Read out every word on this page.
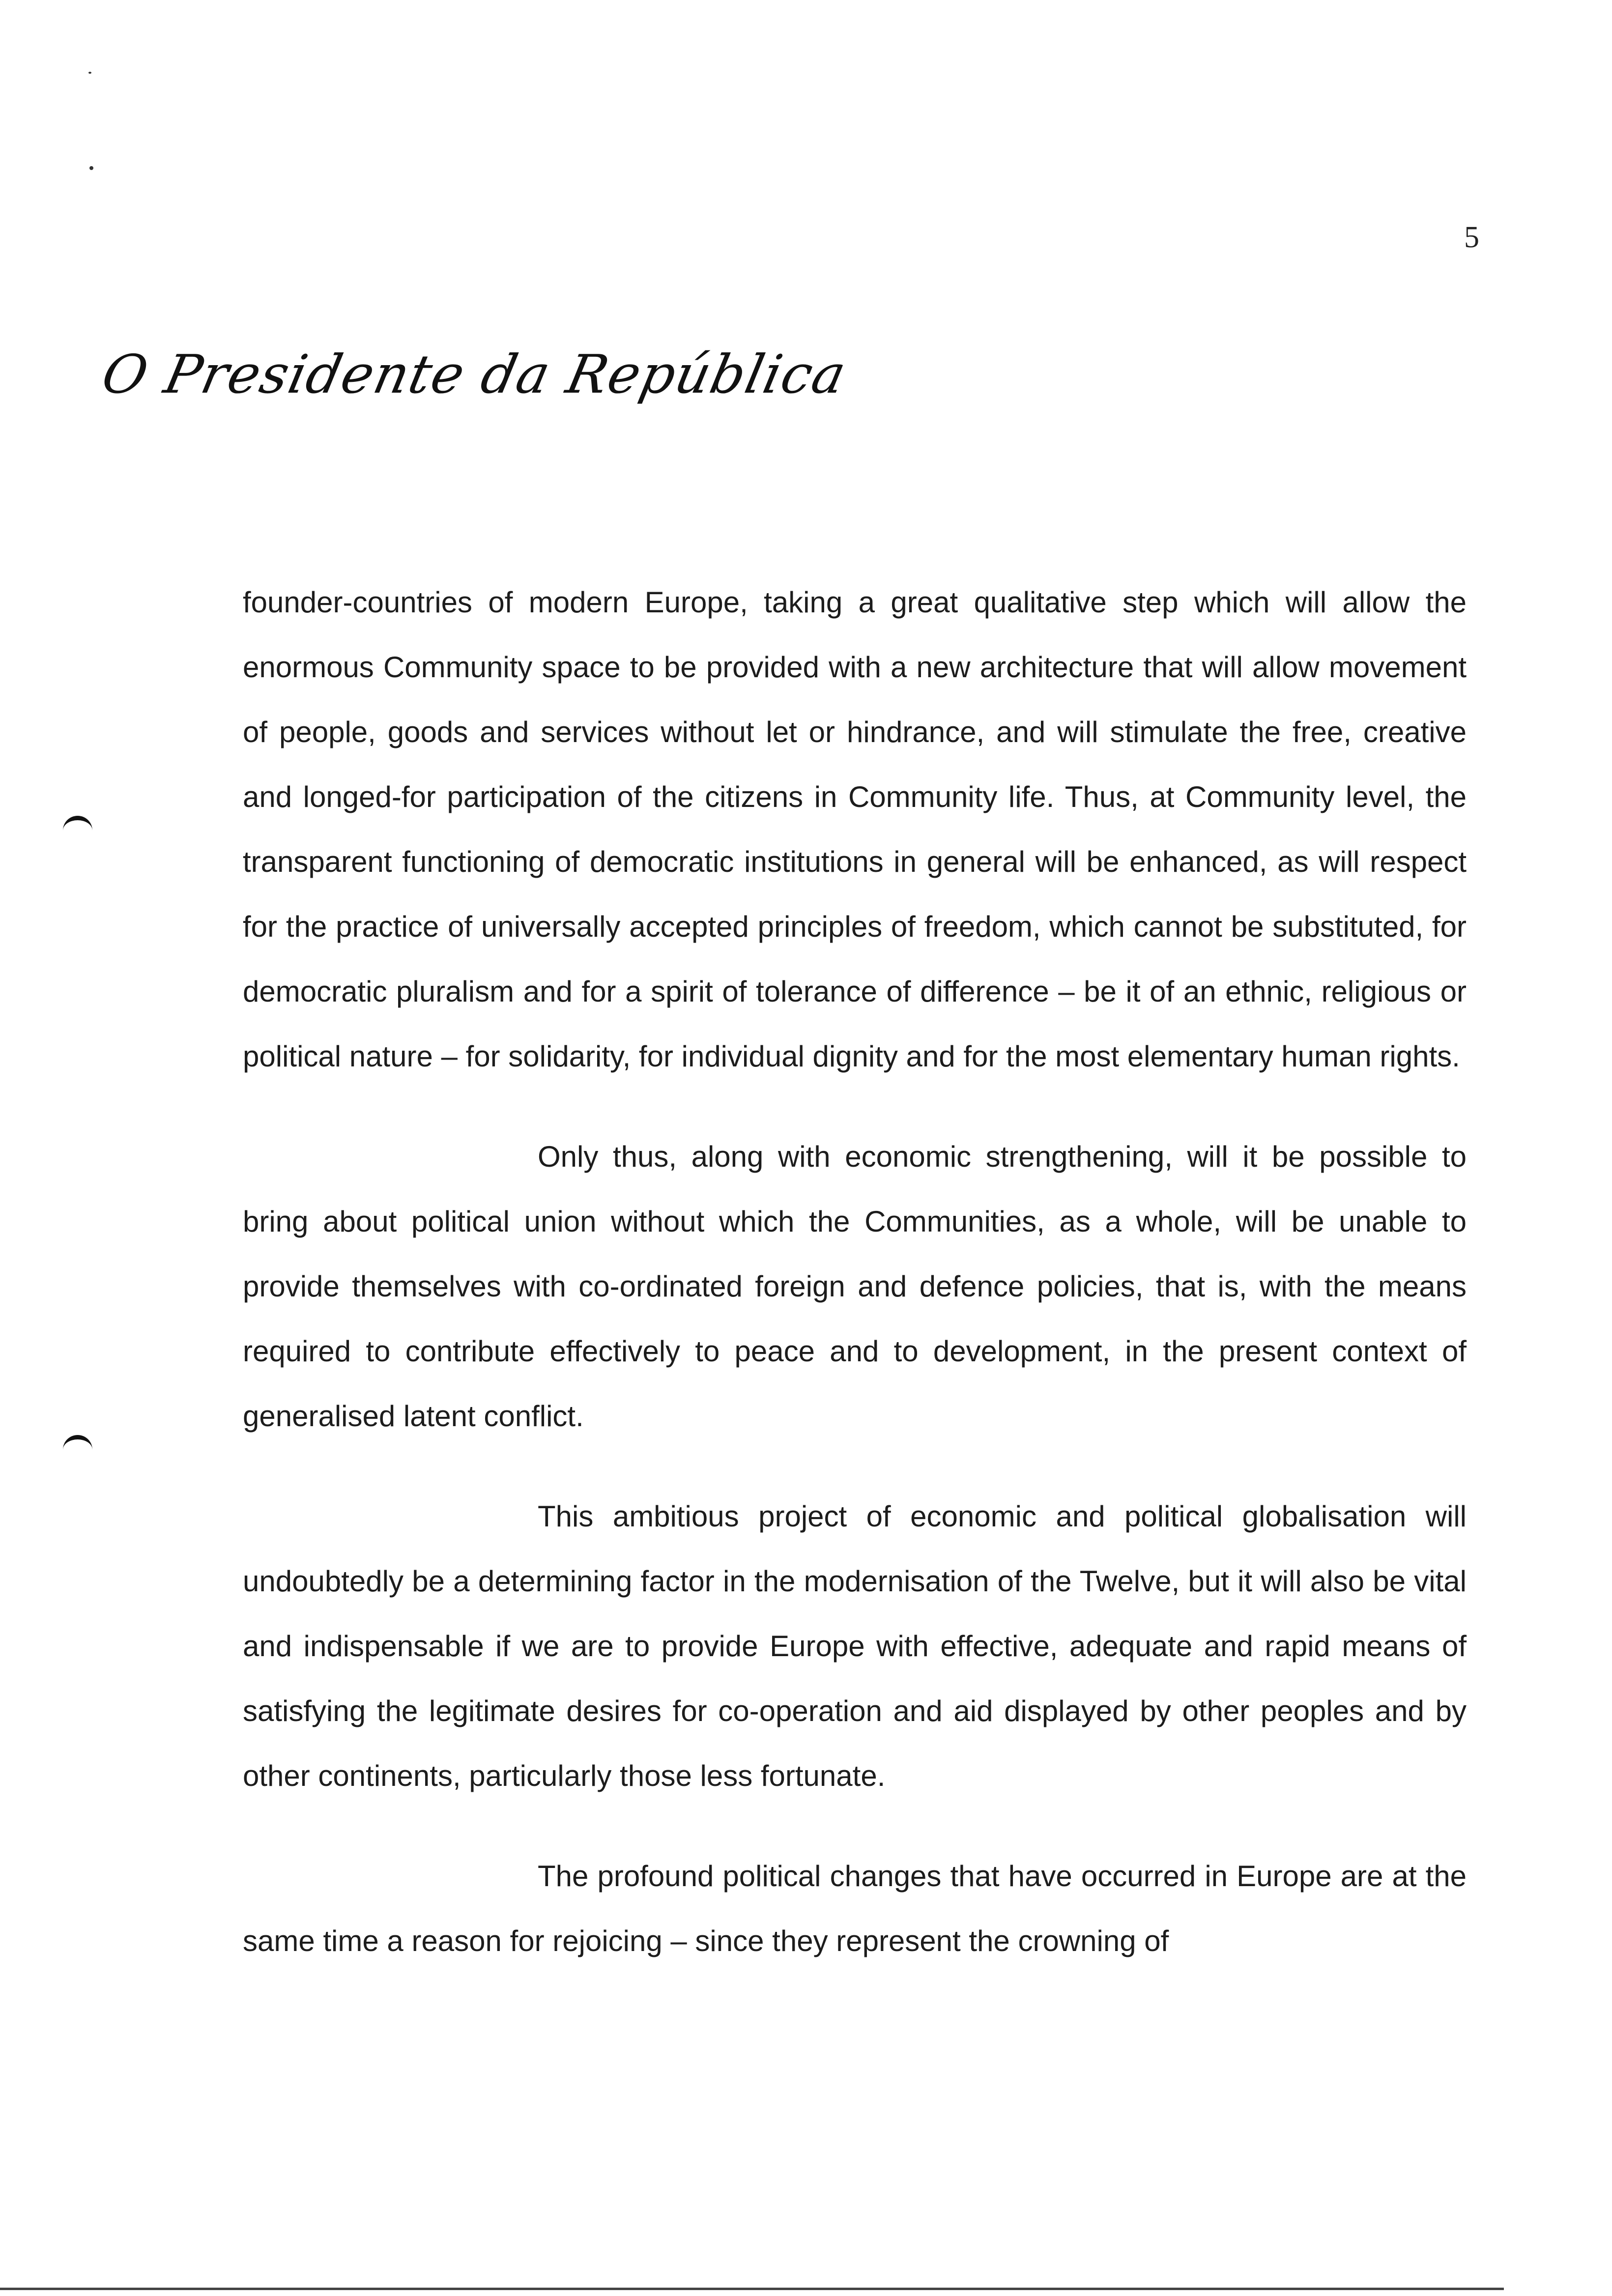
5
O Presidente da República

founder-countries of modern Europe, taking a great qualitative step which will allow the enormous Community space to be provided with a new architecture that will allow movement of people, goods and services without let or hindrance, and will stimulate the free, creative and longed-for participation of the citizens in Community life. Thus, at Community level, the transparent functioning of democratic institutions in general will be enhanced, as will respect for the practice of universally accepted principles of freedom, which cannot be substituted, for democratic pluralism and for a spirit of tolerance of difference – be it of an ethnic, religious or political nature – for solidarity, for individual dignity and for the most elementary human rights.

Only thus, along with economic strengthening, will it be possible to bring about political union without which the Communities, as a whole, will be unable to provide themselves with co-ordinated foreign and defence policies, that is, with the means required to contribute effectively to peace and to development, in the present context of generalised latent conflict.

This ambitious project of economic and political globalisation will undoubtedly be a determining factor in the modernisation of the Twelve, but it will also be vital and indispensable if we are to provide Europe with effective, adequate and rapid means of satisfying the legitimate desires for co-operation and aid displayed by other peoples and by other continents, particularly those less fortunate.

The profound political changes that have occurred in Europe are at the same time a reason for rejoicing – since they represent the crowning of
